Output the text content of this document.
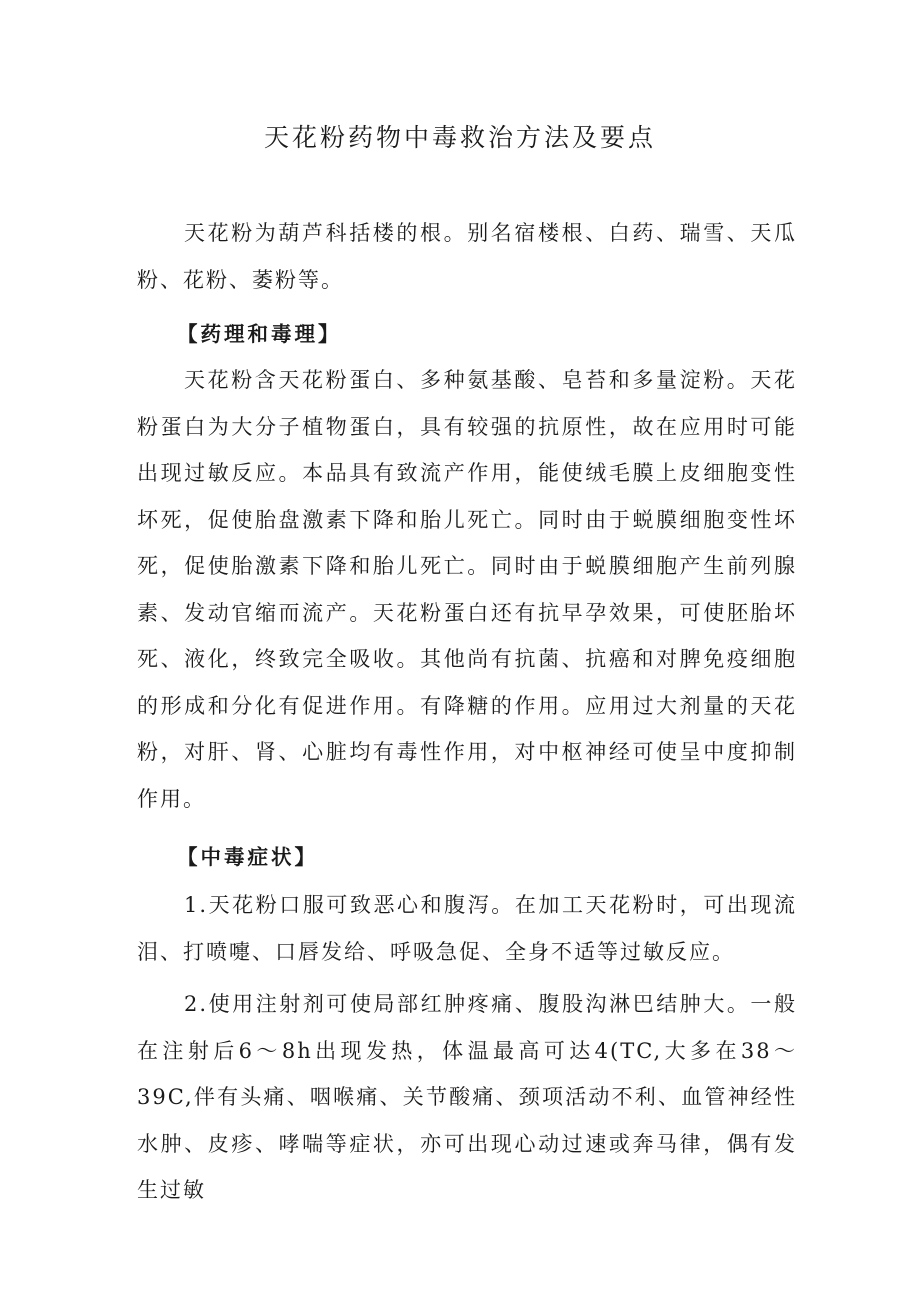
天花粉药物中毒救治方法及要点

天花粉为葫芦科括楼的根。别名宿楼根、白药、瑞雪、天瓜粉、花粉、萎粉等。

【药理和毒理】

天花粉含天花粉蛋白、多种氨基酸、皂苔和多量淀粉。天花粉蛋白为大分子植物蛋白，具有较强的抗原性，故在应用时可能出现过敏反应。本品具有致流产作用，能使绒毛膜上皮细胞变性坏死，促使胎盘激素下降和胎儿死亡。同时由于蜕膜细胞变性坏死，促使胎激素下降和胎儿死亡。同时由于蜕膜细胞产生前列腺素、发动官缩而流产。天花粉蛋白还有抗早孕效果，可使胚胎坏死、液化，终致完全吸收。其他尚有抗菌、抗癌和对脾免疫细胞的形成和分化有促进作用。有降糖的作用。应用过大剂量的天花粉，对肝、肾、心脏均有毒性作用，对中枢神经可使呈中度抑制作用。

【中毒症状】

1.天花粉口服可致恶心和腹泻。在加工天花粉时，可出现流泪、打喷嚏、口唇发给、呼吸急促、全身不适等过敏反应。

2.使用注射剂可使局部红肿疼痛、腹股沟淋巴结肿大。一般在注射后6～8h出现发热，体温最高可达4(TC,大多在38～39C,伴有头痛、咽喉痛、关节酸痛、颈项活动不利、血管神经性水肿、皮疹、哮喘等症状，亦可出现心动过速或奔马律，偶有发生过敏
